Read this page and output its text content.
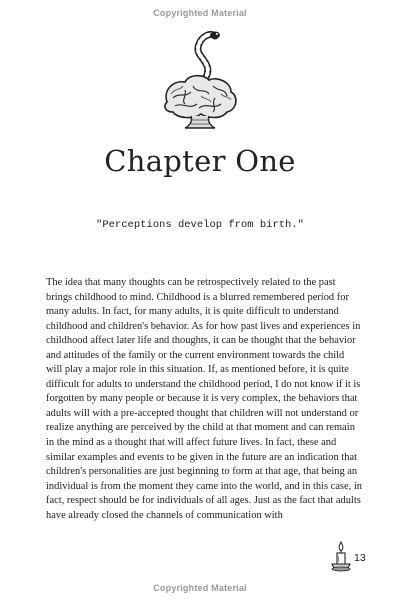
Copyrighted Material
Chapter One
"Perceptions develop from birth."

The idea that many thoughts can be retrospectively related to the past brings childhood to mind. Childhood is a blurred remembered period for many adults. In fact, for many adults, it is quite difficult to understand childhood and children's behavior. As for how past lives and experiences in childhood affect later life and thoughts, it can be thought that the behavior and attitudes of the family or the current environment towards the child will play a major role in this situation. If, as mentioned before, it is quite difficult for adults to understand the childhood period, I do not know if it is forgotten by many people or because it is very complex, the behaviors that adults will with a pre-accepted thought that children will not understand or realize anything are perceived by the child at that moment and can remain in the mind as a thought that will affect future lives. In fact, these and similar examples and events to be given in the future are an indication that children's personalities are just beginning to form at that age, that being an individual is from the moment they came into the world, and in this case, in fact, respect should be for individuals of all ages. Just as the fact that adults have already closed the channels of communication with

13
Copyrighted Material
